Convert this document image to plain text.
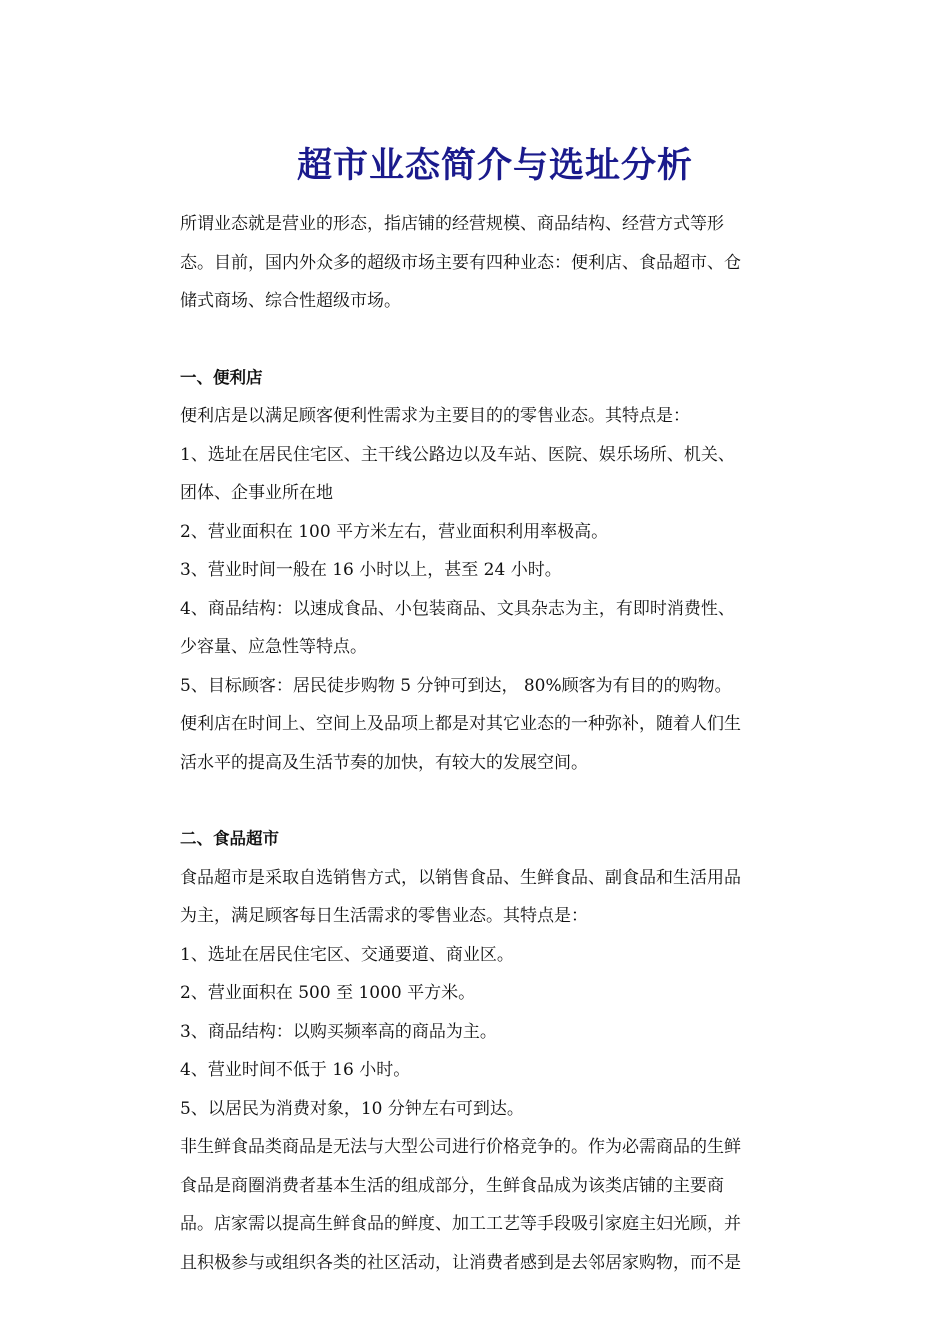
超市业态简介与选址分析

所谓业态就是营业的形态，指店铺的经营规模、商品结构、经营方式等形

态。目前，国内外众多的超级市场主要有四种业态：便利店、食品超市、仓

储式商场、综合性超级市场。

一、便利店

便利店是以满足顾客便利性需求为主要目的的零售业态。其特点是：

1、选址在居民住宅区、主干线公路边以及车站、医院、娱乐场所、机关、

团体、企事业所在地

2、营业面积在 100 平方米左右，营业面积利用率极高。

3、营业时间一般在 16 小时以上，甚至 24 小时。

4、商品结构：以速成食品、小包装商品、文具杂志为主，有即时消费性、

少容量、应急性等特点。

5、目标顾客：居民徒步购物 5 分钟可到达， 80%顾客为有目的的购物。

便利店在时间上、空间上及品项上都是对其它业态的一种弥补，随着人们生

活水平的提高及生活节奏的加快，有较大的发展空间。

二、食品超市

食品超市是采取自选销售方式，以销售食品、生鲜食品、副食品和生活用品

为主，满足顾客每日生活需求的零售业态。其特点是：

1、选址在居民住宅区、交通要道、商业区。

2、营业面积在 500 至 1000 平方米。

3、商品结构：以购买频率高的商品为主。

4、营业时间不低于 16 小时。

5、以居民为消费对象，10 分钟左右可到达。

非生鲜食品类商品是无法与大型公司进行价格竞争的。作为必需商品的生鲜

食品是商圈消费者基本生活的组成部分，生鲜食品成为该类店铺的主要商

品。店家需以提高生鲜食品的鲜度、加工工艺等手段吸引家庭主妇光顾，并

且积极参与或组织各类的社区活动，让消费者感到是去邻居家购物，而不是
